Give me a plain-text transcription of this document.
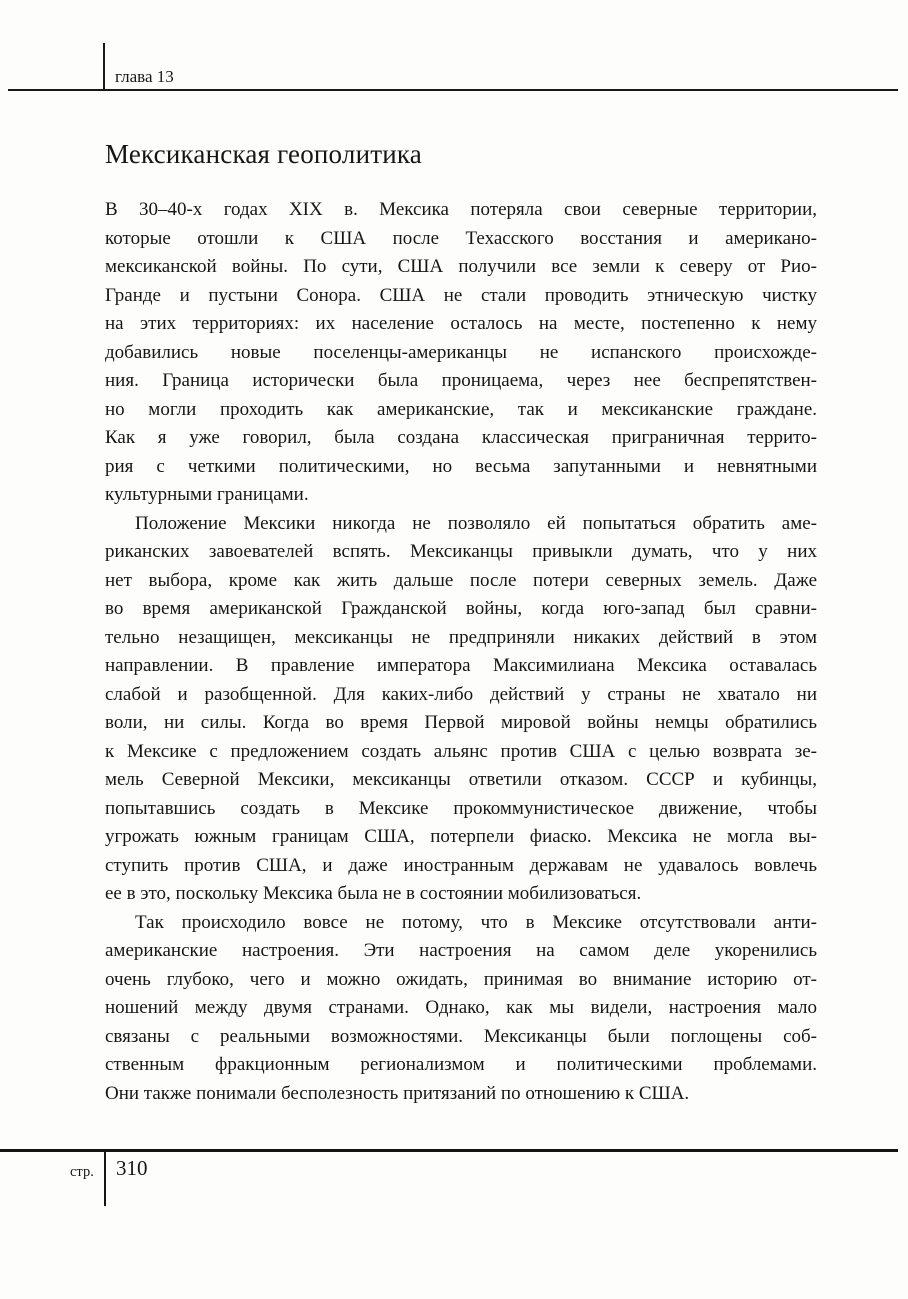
глава 13
Мексиканская геополитика
В 30–40-х годах XIX в. Мексика потеряла свои северные территории,
которые отошли к США после Техасского восстания и американо-
мексиканской войны. По сути, США получили все земли к северу от Рио-
Гранде и пустыни Сонора. США не стали проводить этническую чистку
на этих территориях: их население осталось на месте, постепенно к нему
добавились новые поселенцы-американцы не испанского происхожде-
ния. Граница исторически была проницаема, через нее беспрепятствен-
но могли проходить как американские, так и мексиканские граждане.
Как я уже говорил, была создана классическая приграничная террито-
рия с четкими политическими, но весьма запутанными и невнятными
культурными границами.
Положение Мексики никогда не позволяло ей попытаться обратить аме-
риканских завоевателей вспять. Мексиканцы привыкли думать, что у них
нет выбора, кроме как жить дальше после потери северных земель. Даже
во время американской Гражданской войны, когда юго-запад был сравни-
тельно незащищен, мексиканцы не предприняли никаких действий в этом
направлении. В правление императора Максимилиана Мексика оставалась
слабой и разобщенной. Для каких-либо действий у страны не хватало ни
воли, ни силы. Когда во время Первой мировой войны немцы обратились
к Мексике с предложением создать альянс против США с целью возврата зе-
мель Северной Мексики, мексиканцы ответили отказом. СССР и кубинцы,
попытавшись создать в Мексике прокоммунистическое движение, чтобы
угрожать южным границам США, потерпели фиаско. Мексика не могла вы-
ступить против США, и даже иностранным державам не удавалось вовлечь
ее в это, поскольку Мексика была не в состоянии мобилизоваться.
Так происходило вовсе не потому, что в Мексике отсутствовали анти-
американские настроения. Эти настроения на самом деле укоренились
очень глубоко, чего и можно ожидать, принимая во внимание историю от-
ношений между двумя странами. Однако, как мы видели, настроения мало
связаны с реальными возможностями. Мексиканцы были поглощены соб-
ственным фракционным регионализмом и политическими проблемами.
Они также понимали бесполезность притязаний по отношению к США.
стр. 310
